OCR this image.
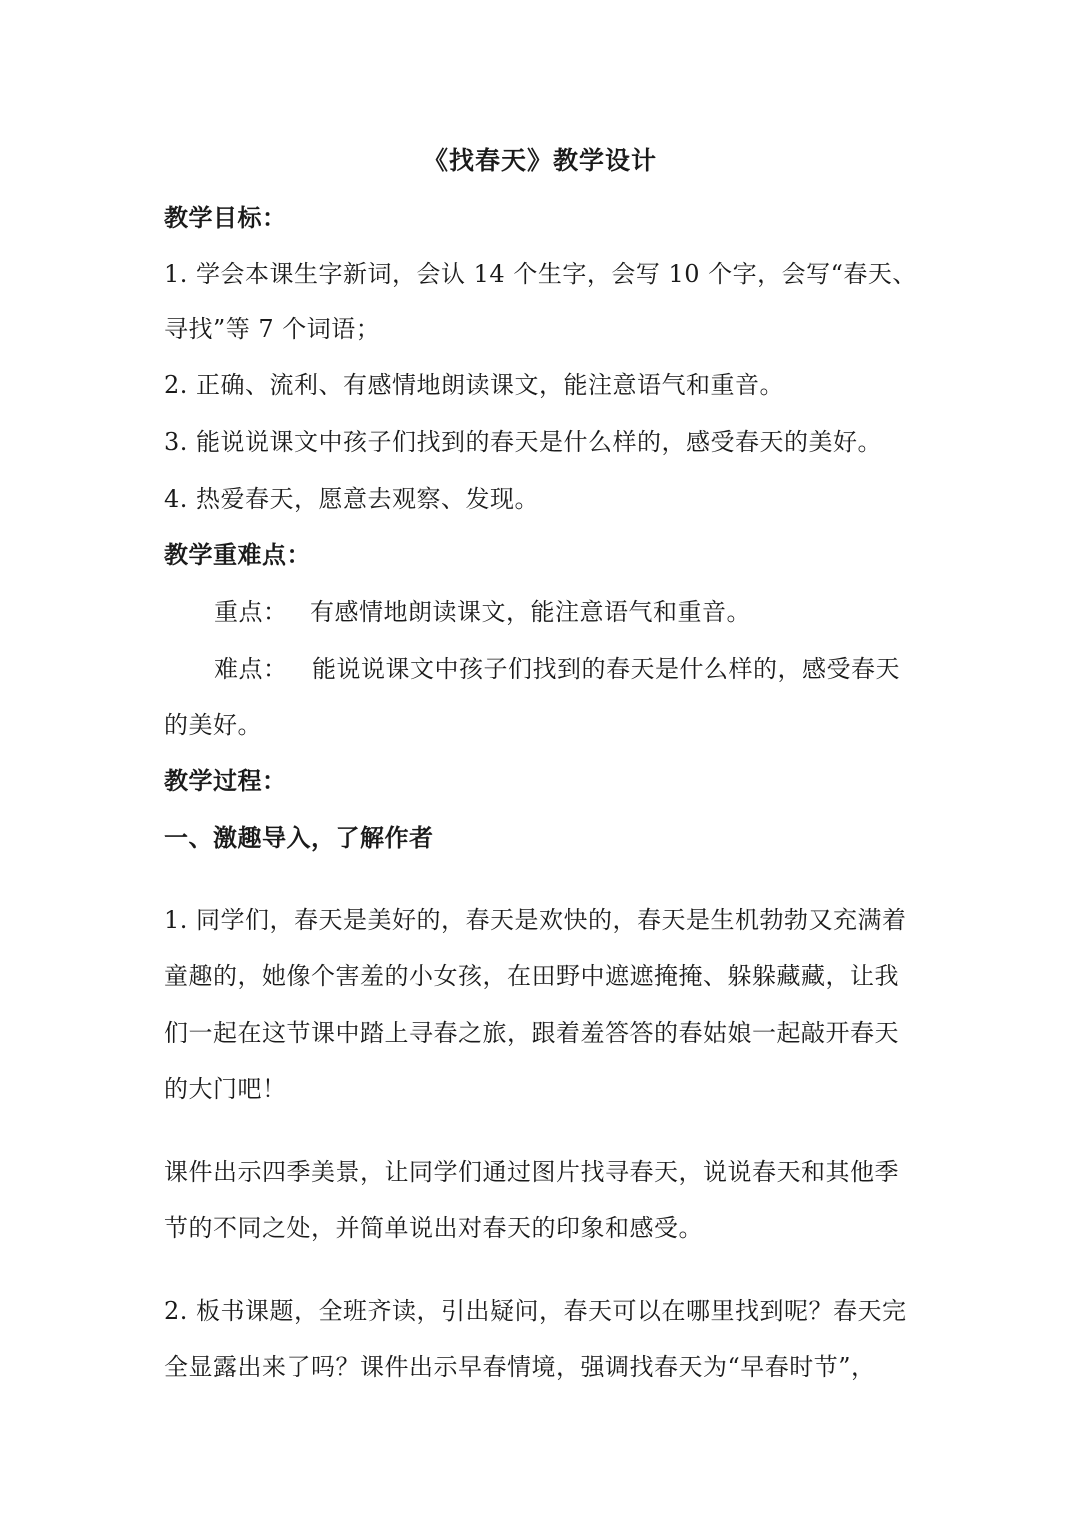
《找春天》教学设计
教学目标：
1. 学会本课生字新词，会认 14 个生字，会写 10 个字，会写“春天、
寻找”等 7 个词语；
2. 正确、流利、有感情地朗读课文，能注意语气和重音。
3. 能说说课文中孩子们找到的春天是什么样的，感受春天的美好。
4. 热爱春天，愿意去观察、发现。
教学重难点：
重点： 有感情地朗读课文，能注意语气和重音。
难点： 能说说课文中孩子们找到的春天是什么样的，感受春天
的美好。
教学过程：
一、激趣导入，了解作者
1. 同学们，春天是美好的，春天是欢快的，春天是生机勃勃又充满着
童趣的，她像个害羞的小女孩，在田野中遮遮掩掩、躲躲藏藏，让我
们一起在这节课中踏上寻春之旅，跟着羞答答的春姑娘一起敲开春天
的大门吧！
课件出示四季美景，让同学们通过图片找寻春天，说说春天和其他季
节的不同之处，并简单说出对春天的印象和感受。
2. 板书课题，全班齐读，引出疑问，春天可以在哪里找到呢？春天完
全显露出来了吗？课件出示早春情境，强调找春天为“早春时节”，
